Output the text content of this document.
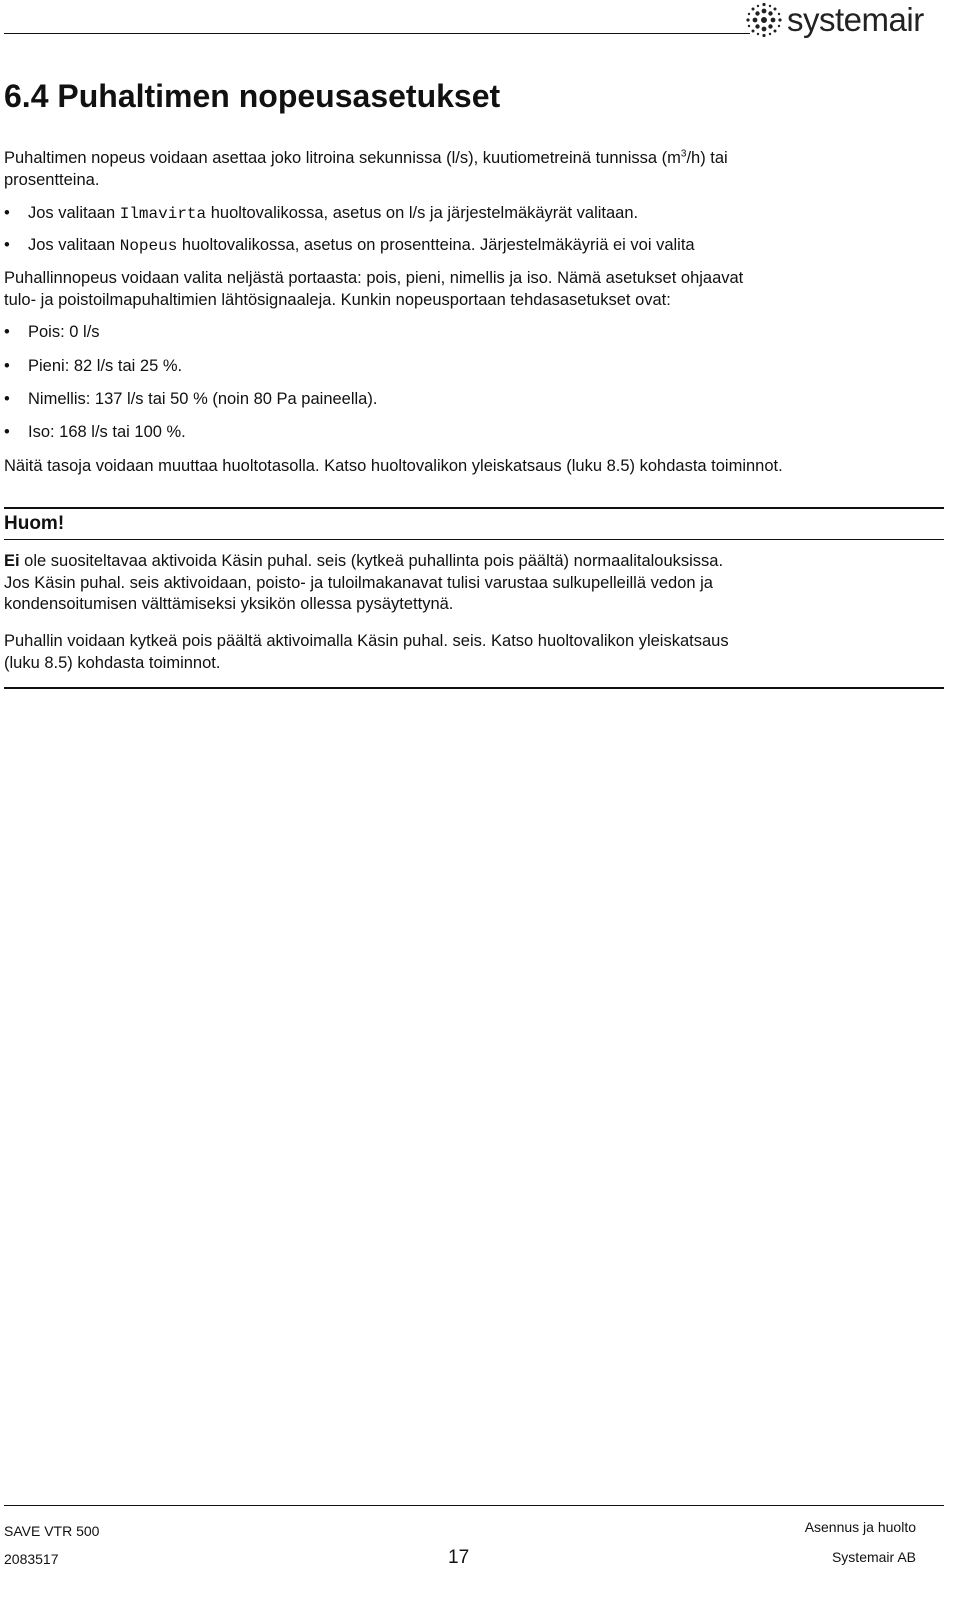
systemair
6.4 Puhaltimen nopeusasetukset
Puhaltimen nopeus voidaan asettaa joko litroina sekunnissa (l/s), kuutiometreinä tunnissa $(m^3/h)$ tai
prosentteina.
• Jos valitaan Ilmavirta huoltovalikossa, asetus on l/s ja järjestelmäkäyrät valitaan.
• Jos valitaan Nopeus huoltovalikossa, asetus on prosentteina. Järjestelmäkäyriä ei voi valita
Puhallinnopeus voidaan valita neljästä portaasta: pois, pieni, nimellis ja iso. Nämä asetukset ohjaavat
tulo- ja poistoilmapuhaltimien lähtösignaaleja. Kunkin nopeusportaan tehdasasetukset ovat:
• Pois: 0 l/s
• Pieni: 82 l/s tai 25 %.
• Nimellis: 137 l/s tai 50 % (noin 80 Pa paineella).
• Iso: 168 l/s tai 100 %.
Näitä tasoja voidaan muuttaa huoltotasolla. Katso huoltovalikon yleiskatsaus (luku 8.5) kohdasta toiminnot.
Huom!
Ei ole suositeltavaa aktivoida Käsin puhal. seis (kytkeä puhallinta pois päältä) normaalitalouksissa.
Jos Käsin puhal. seis aktivoidaan, poisto- ja tuloilmakanavat tulisi varustaa sulkupelleillä vedon ja
kondensoitumisen välttämiseksi yksikön ollessa pysäytettynä.
Puhallin voidaan kytkeä pois päältä aktivoimalla Käsin puhal. seis. Katso huoltovalikon yleiskatsaus
(luku 8.5) kohdasta toiminnot.
SAVE VTR 500
2083517	17
Asennus ja huolto
Systemair AB
